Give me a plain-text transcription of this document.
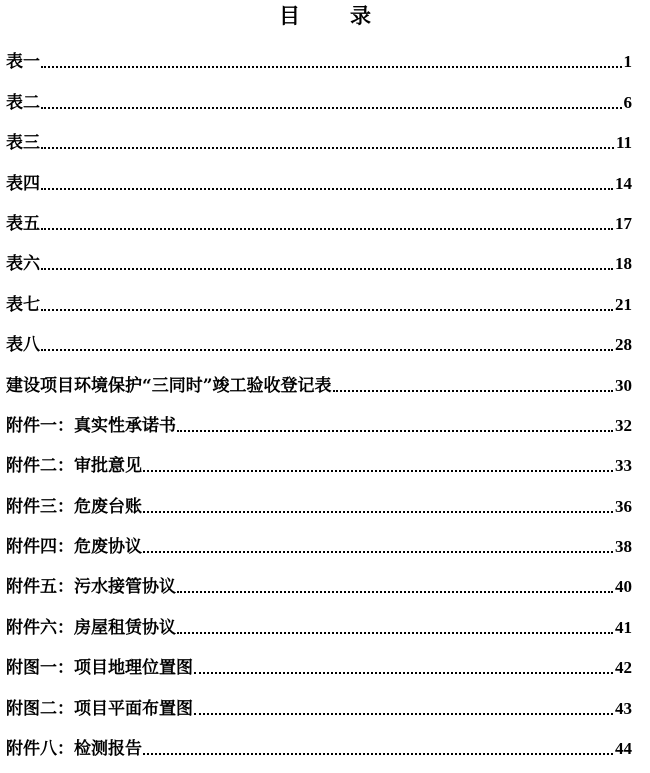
目 录
表一	1
表二	6
表三	11
表四	14
表五	17
表六	18
表七	21
表八	28
建设项目环境保护“三同时”竣工验收登记表	30
附件一：真实性承诺书	32
附件二：审批意见	33
附件三：危废台账	36
附件四：危废协议	38
附件五：污水接管协议	40
附件六：房屋租赁协议	41
附图一：项目地理位置图	42
附图二：项目平面布置图	43
附件八：检测报告	44
